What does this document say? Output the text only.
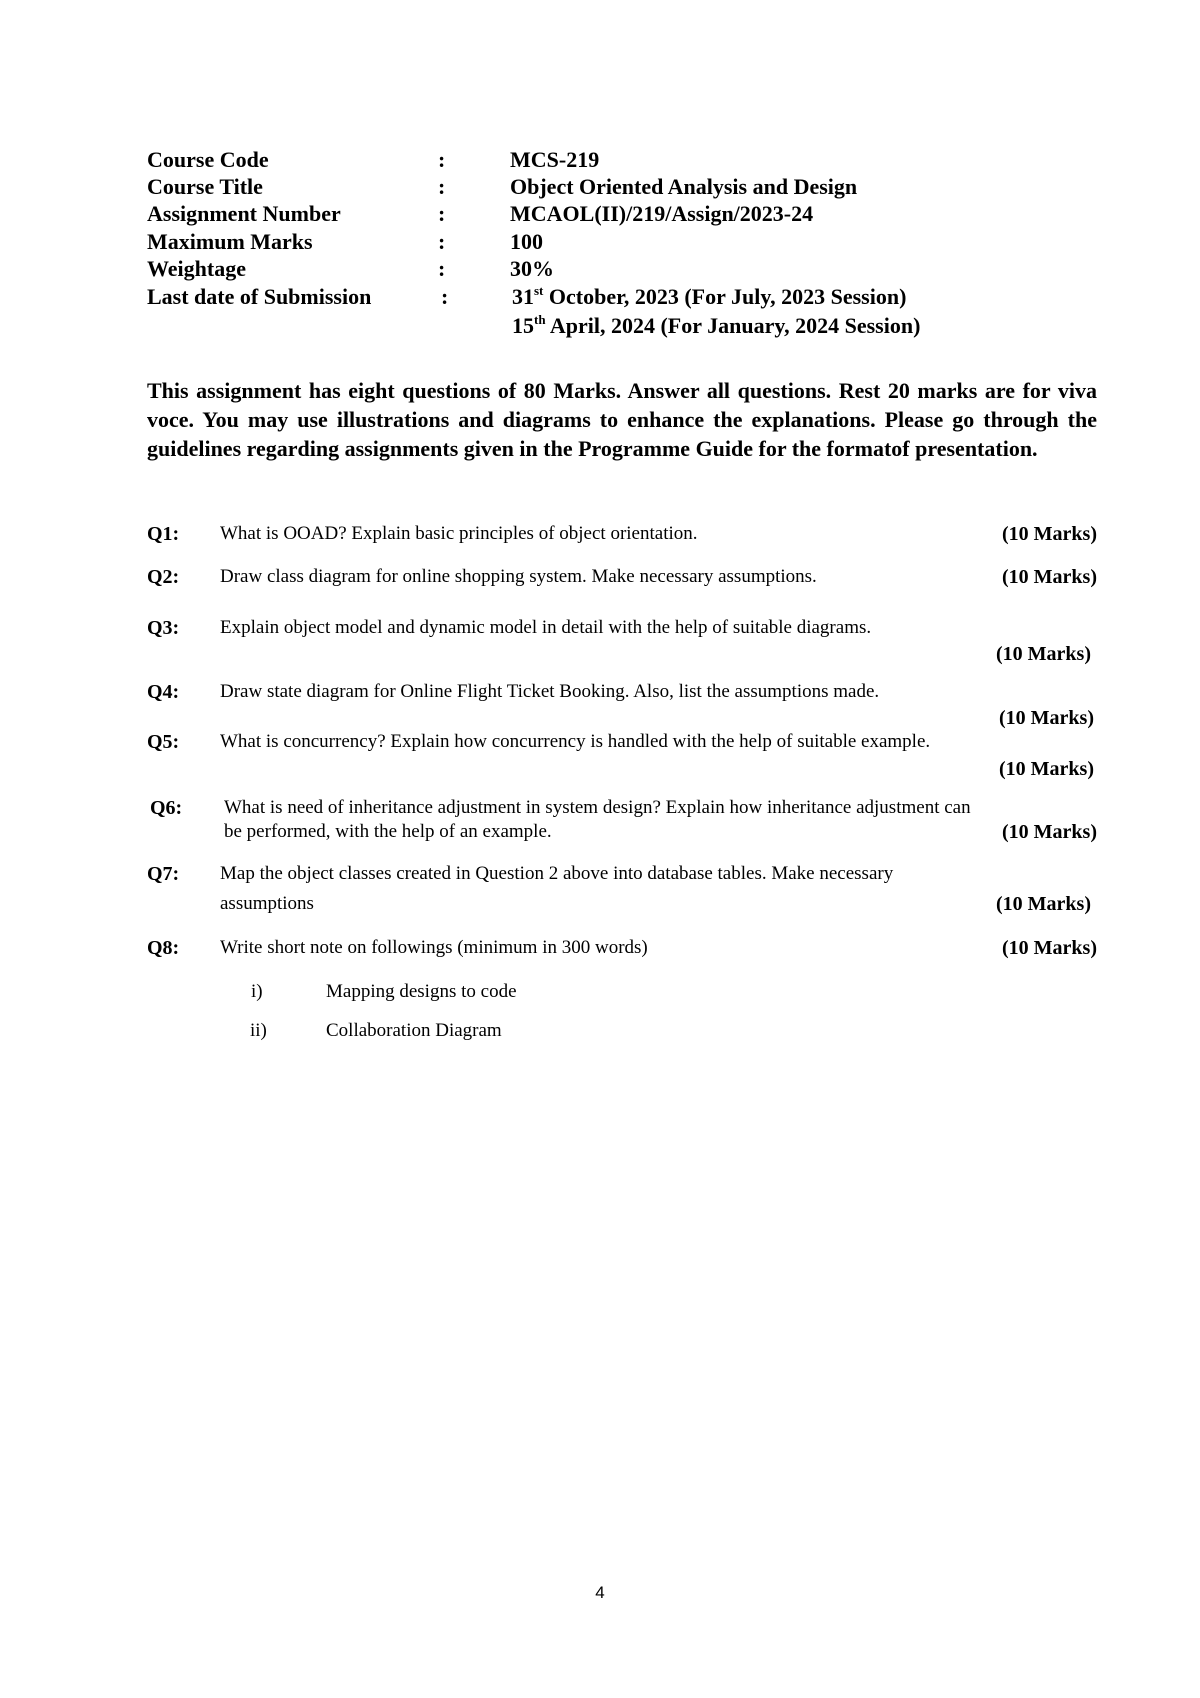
Course Code	:	MCS-219
Course Title	:	Object Oriented Analysis and Design
Assignment Number	:	MCAOL(II)/219/Assign/2023-24
Maximum Marks	:	100
Weightage	:	30%
Last date of Submission	:	31st October, 2023 (For July, 2023 Session)
15th April, 2024 (For January, 2024 Session)
This assignment has eight questions of 80 Marks. Answer all questions. Rest 20 marks are for viva voce. You may use illustrations and diagrams to enhance the explanations. Please go through the guidelines regarding assignments given in the Programme Guide for the formatof presentation.
Q1: What is OOAD? Explain basic principles of object orientation.	(10 Marks)
Q2: Draw class diagram for online shopping system. Make necessary assumptions.	(10 Marks)
Q3: Explain object model and dynamic model in detail with the help of suitable diagrams.
(10 Marks)
Q4: Draw state diagram for Online Flight Ticket Booking. Also, list the assumptions made.
(10 Marks)
Q5: What is concurrency? Explain how concurrency is handled with the help of suitable example.
(10 Marks)
Q6: What is need of inheritance adjustment in system design? Explain how inheritance adjustment can
be performed, with the help of an example.	(10 Marks)
Q7: Map the object classes created in Question 2 above into database tables. Make necessary
assumptions	(10 Marks)
Q8: Write short note on followings (minimum in 300 words)	(10 Marks)
i)	Mapping designs to code
ii)	Collaboration Diagram
4
